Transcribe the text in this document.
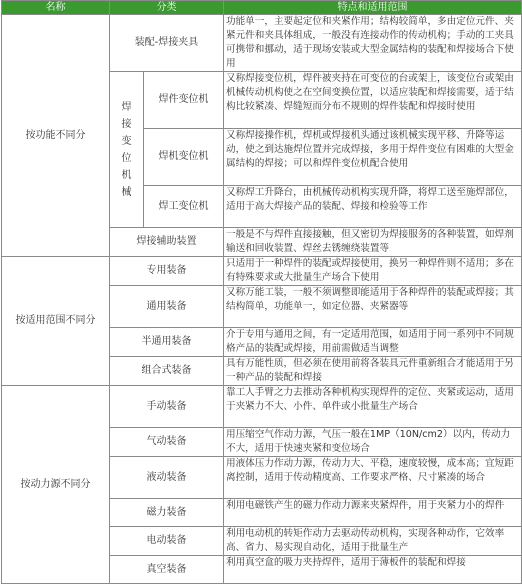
名称	分类		特点和适用范围
按功能不同分	装配-焊接夹具		功能单一，主要起定位和夹紧作用；结构较简单，多由定位元件、夹紧元件和夹具体组成，一般没有连接动作的传动机构；手动的工夹具可携带和挪动，适于现场安装或大型金属结构的装配和焊接场合下使用
	焊接变位机械	焊件变位机	又称焊接变位机，焊件被夹持在可变位的台或架上，该变位台或架由机械传动机构使之在空间变换位置，以适应装配和焊接需要，适于结构比较紧凑、焊缝短而分布不规则的焊件装配和焊接时使用
		焊机变位机	又称焊接操作机，焊机或焊接机头通过该机械实现平移、升降等运动，使之到达施焊位置并完成焊接，多用于焊件变位有困难的大型金属结构的焊接；可以和焊件变位机配合使用
		焊工变位机	又称焊工升降台，由机械传动机构实现升降，将焊工送至施焊部位，适用于高大焊接产品的装配、焊接和检验等工作
	焊接辅助装置		一般是不与焊件直接接触，但又密切为焊接服务的各种装置，如焊剂输送和回收装置、焊丝去锈缠绕装置等
按适用范围不同分	专用装备		只适用于一种焊件的装配或焊接使用，换另一种焊件则不适用；多在有特殊要求或大批量生产场合下使用
	通用装备		又称万能工装，一般不须调整即能适用于各种焊件的装配或焊接；其结构简单，功能单一，如定位器、夹紧器等
	半通用装备		介于专用与通用之间，有一定适用范围，如适用于同一系列中不同规格产品的装配或焊接，用前需做适当调整
	组合式装备		具有万能性质，但必须在使用前将各装具元件重新组合才能适用于另一种产品的装配和焊接
按动力源不同分	手动装备		靠工人手臂之力去推动各种机构实现焊件的定位、夹紧或运动，适用于夹紧力不大、小件、单件或小批量生产场合
	气动装备		用压缩空气作动力源，气压一般在1MP（10N/cm2）以内，传动力不大，适用于快速夹紧和变位场合
	液动装备		用液体压力作动力源，传动力大、平稳，速度较慢，成本高；宜短距离控制，适用于传动精度高、工作要求严格、尺寸紧凑的场合
	磁力装备		利用电磁铁产生的磁力作动力源来夹紧焊件，用于夹紧力小的焊件
	电动装备		利用电动机的转矩作动力去驱动传动机构，实现各种动作，它效率高、省力、易实现自动化，适用于批量生产
	真空装备		利用真空盒的吸力夹持焊件，适用于薄板件的装配和焊接
